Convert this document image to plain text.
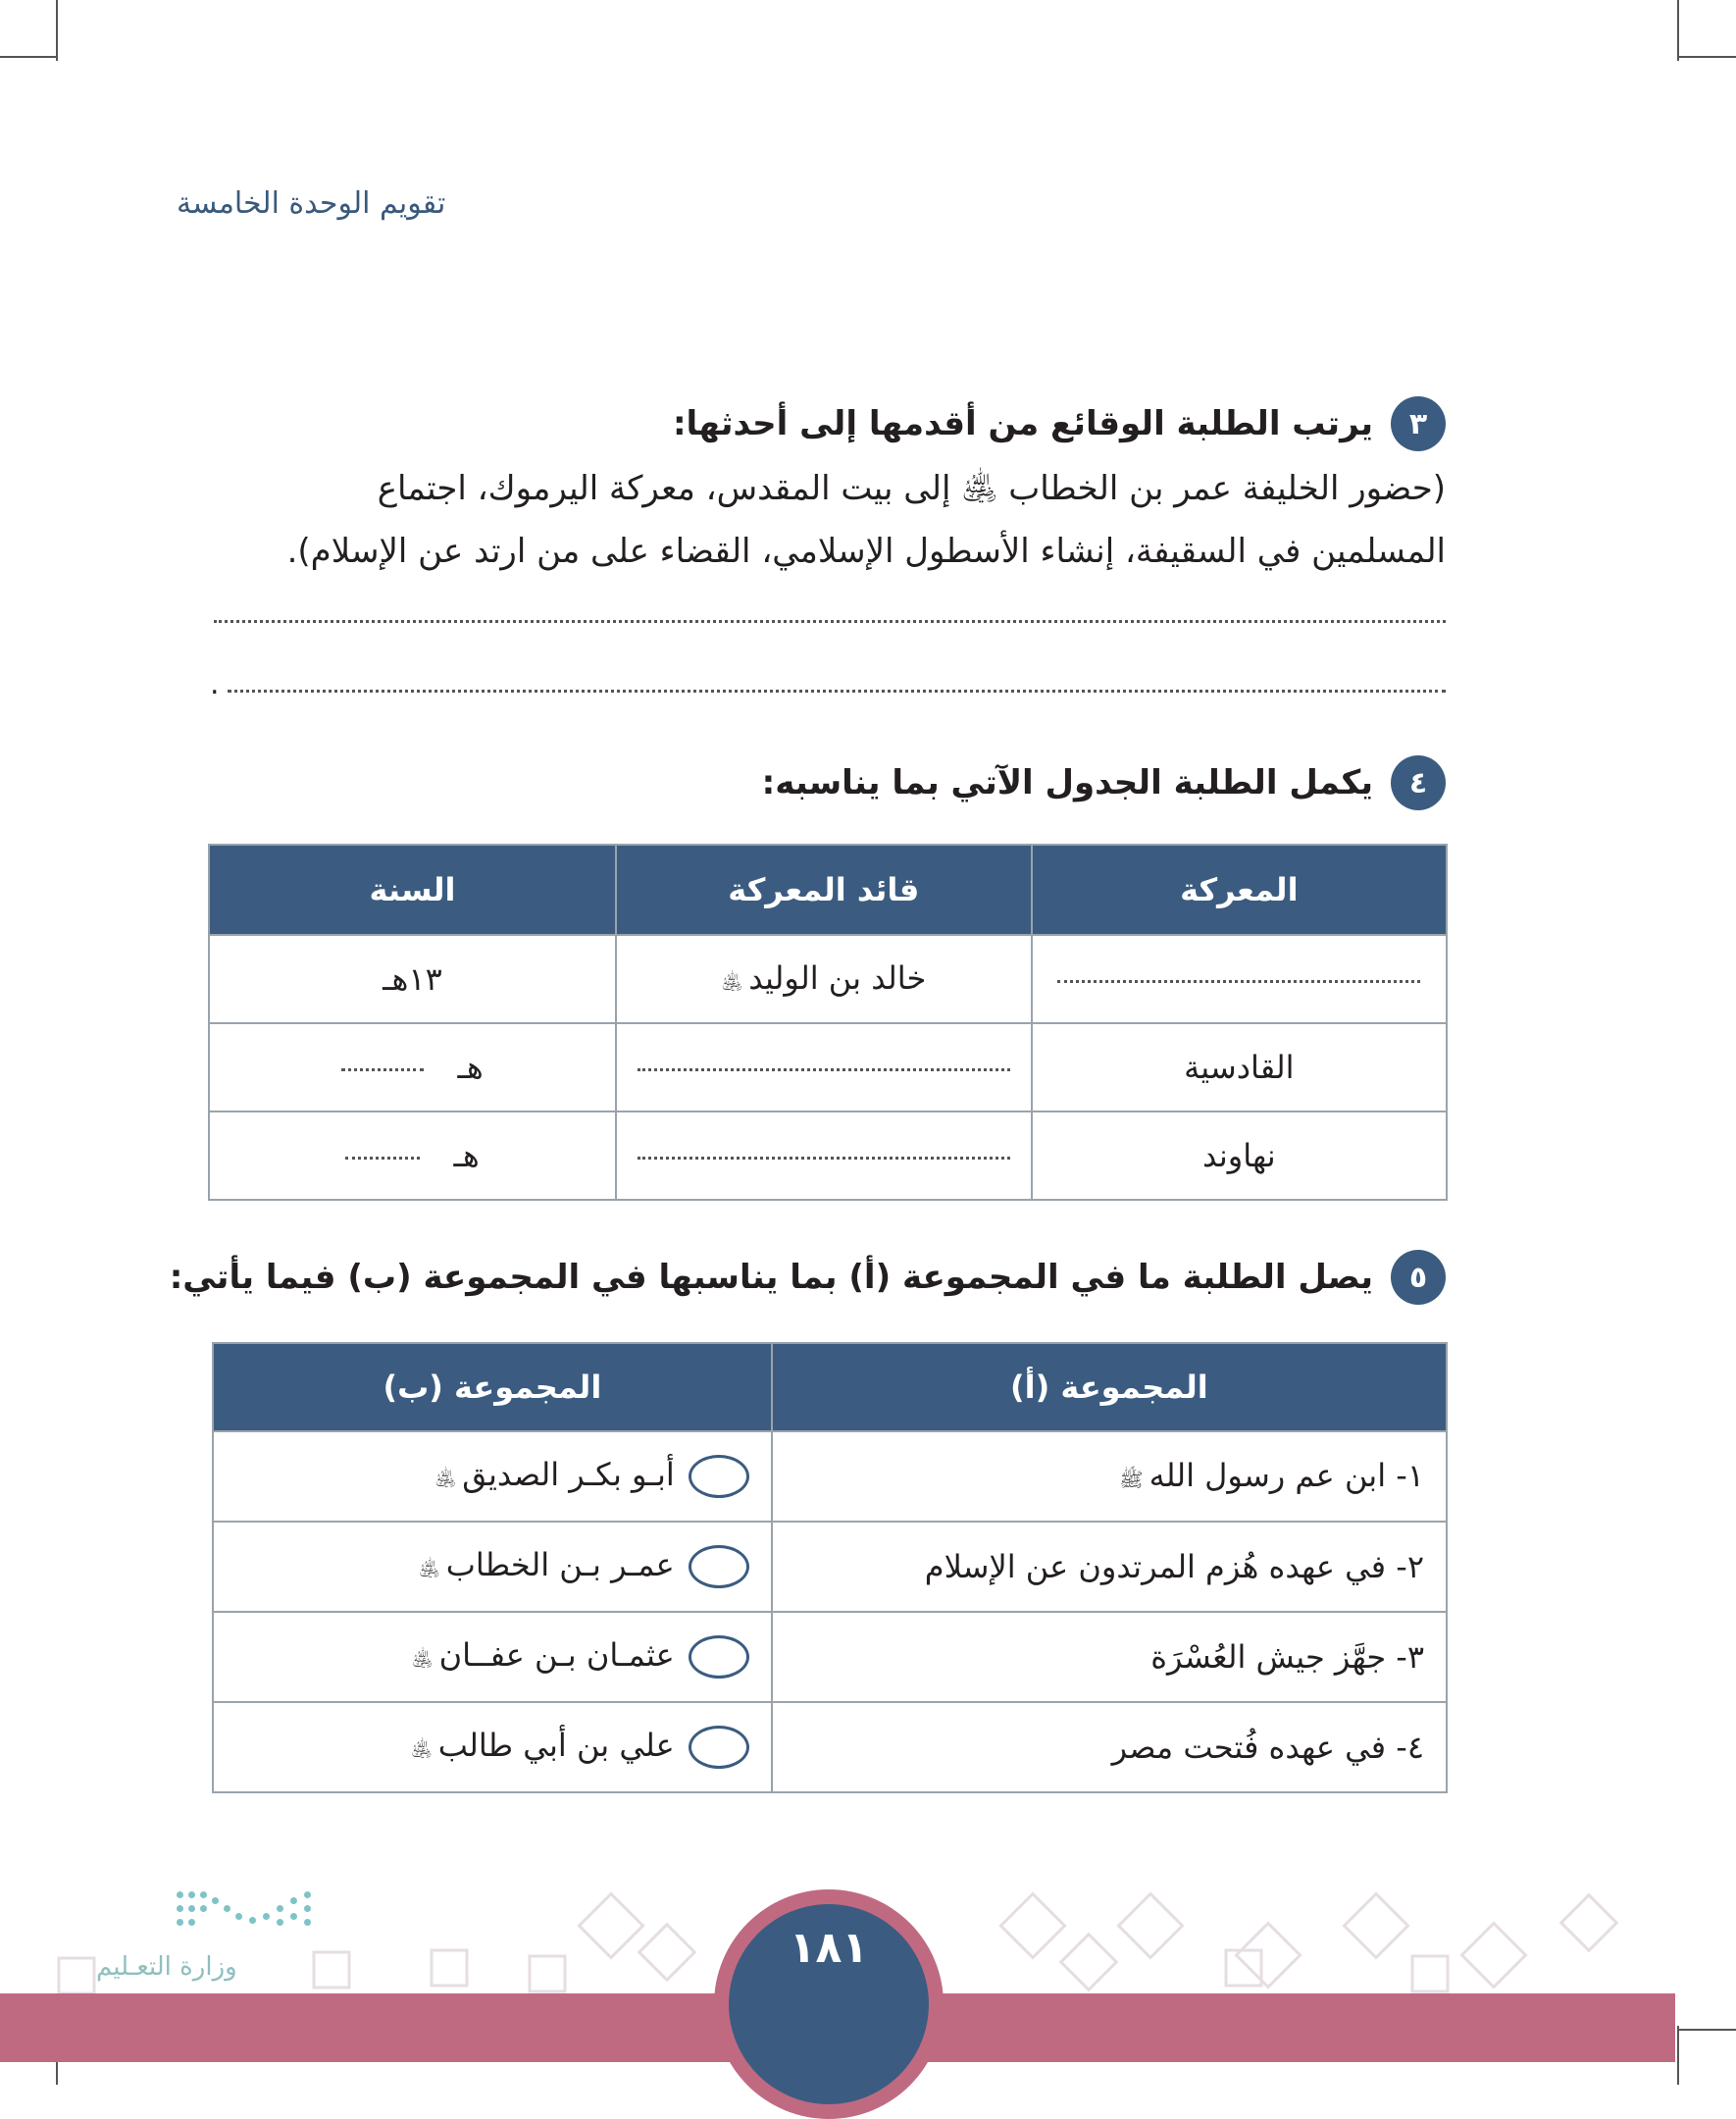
تقويم الوحدة الخامسة
٣
يرتب الطلبة الوقائع من أقدمها إلى أحدثها:
(حضور الخليفة عمر بن الخطاب ﵁ إلى بيت المقدس، معركة اليرموك، اجتماع
المسلمين في السقيفة، إنشاء الأسطول الإسلامي، القضاء على من ارتد عن الإسلام).
.
٤
يكمل الطلبة الجدول الآتي بما يناسبه:
المعركة	قائد المعركة	السنة
	خالد بن الوليد﵁	١٣هـ
القادسية		هـ
نهاوند		هـ
٥
يصل الطلبة ما في المجموعة (أ) بما يناسبها في المجموعة (ب) فيما يأتي:
المجموعة (أ)	المجموعة (ب)
١- ابن عم رسول اللهﷺ	أبـو بكـر الصديق﵁
٢- في عهده هُزم المرتدون عن الإسلام	عمـر بـن الخطاب﵁
٣- جهَّز جيش العُسْرَة	عثمـان بـن عفــان﵁
٤- في عهده فُتحت مصر	علي بن أبي طالب﵁
وزارة التعـليم	١٨١
